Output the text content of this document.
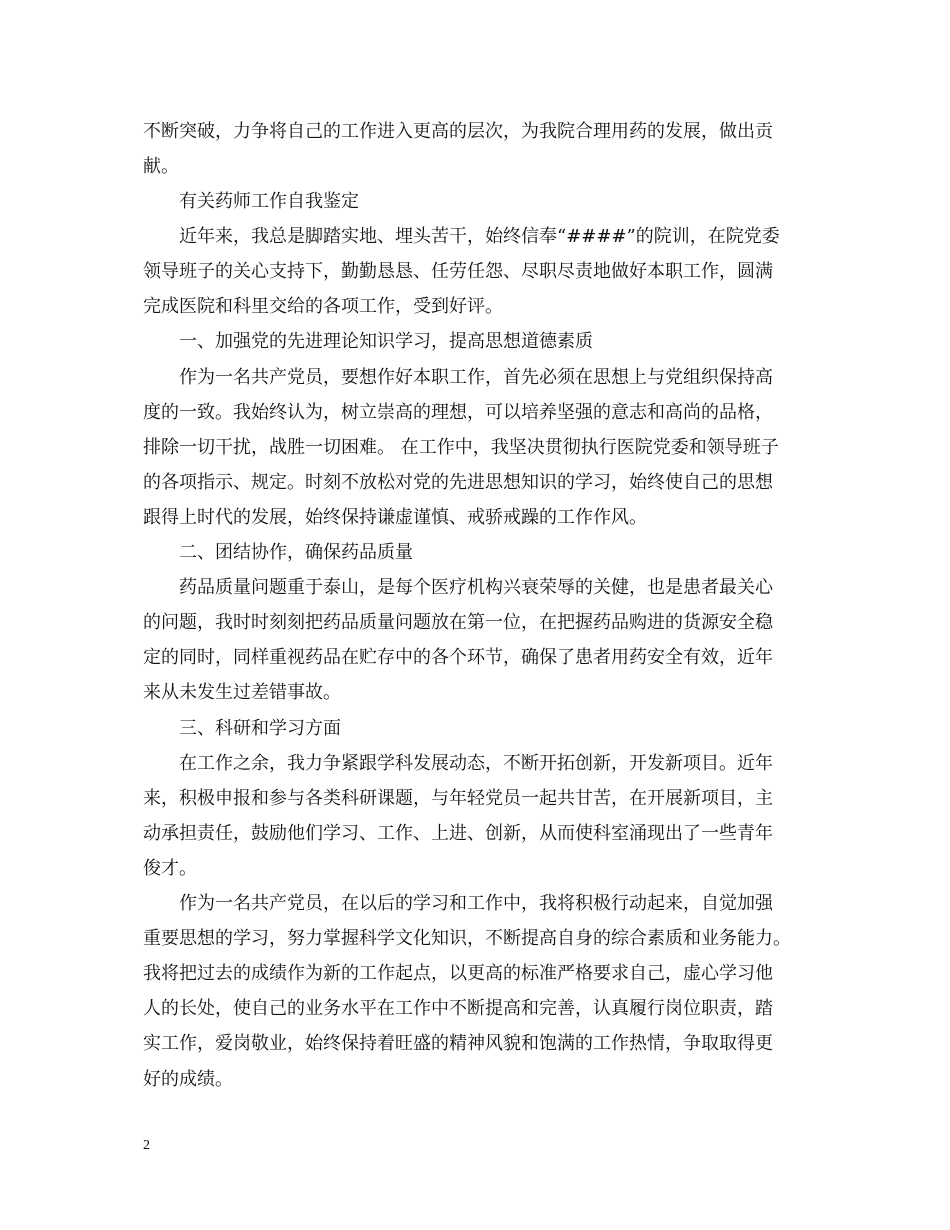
不断突破，力争将自己的工作进入更高的层次，为我院合理用药的发展，做出贡
献。
有关药师工作自我鉴定
近年来，我总是脚踏实地、埋头苦干，始终信奉“####”的院训，在院党委
领导班子的关心支持下，勤勤恳恳、任劳任怨、尽职尽责地做好本职工作，圆满
完成医院和科里交给的各项工作，受到好评。
一、加强党的先进理论知识学习，提高思想道德素质
作为一名共产党员，要想作好本职工作，首先必须在思想上与党组织保持高
度的一致。我始终认为，树立崇高的理想，可以培养坚强的意志和高尚的品格，
排除一切干扰，战胜一切困难。 在工作中，我坚决贯彻执行医院党委和领导班子
的各项指示、规定。时刻不放松对党的先进思想知识的学习，始终使自己的思想
跟得上时代的发展，始终保持谦虚谨慎、戒骄戒躁的工作作风。
二、团结协作，确保药品质量
药品质量问题重于泰山，是每个医疗机构兴衰荣辱的关健，也是患者最关心
的问题，我时时刻刻把药品质量问题放在第一位，在把握药品购进的货源安全稳
定的同时，同样重视药品在贮存中的各个环节，确保了患者用药安全有效，近年
来从未发生过差错事故。
三、科研和学习方面
在工作之余，我力争紧跟学科发展动态，不断开拓创新，开发新项目。近年
来，积极申报和参与各类科研课题，与年轻党员一起共甘苦，在开展新项目，主
动承担责任，鼓励他们学习、工作、上进、创新，从而使科室涌现出了一些青年
俊才。
作为一名共产党员，在以后的学习和工作中，我将积极行动起来，自觉加强
重要思想的学习，努力掌握科学文化知识，不断提高自身的综合素质和业务能力。
我将把过去的成绩作为新的工作起点，以更高的标准严格要求自己，虚心学习他
人的长处，使自己的业务水平在工作中不断提高和完善，认真履行岗位职责，踏
实工作，爱岗敬业，始终保持着旺盛的精神风貌和饱满的工作热情，争取取得更
好的成绩。
2
